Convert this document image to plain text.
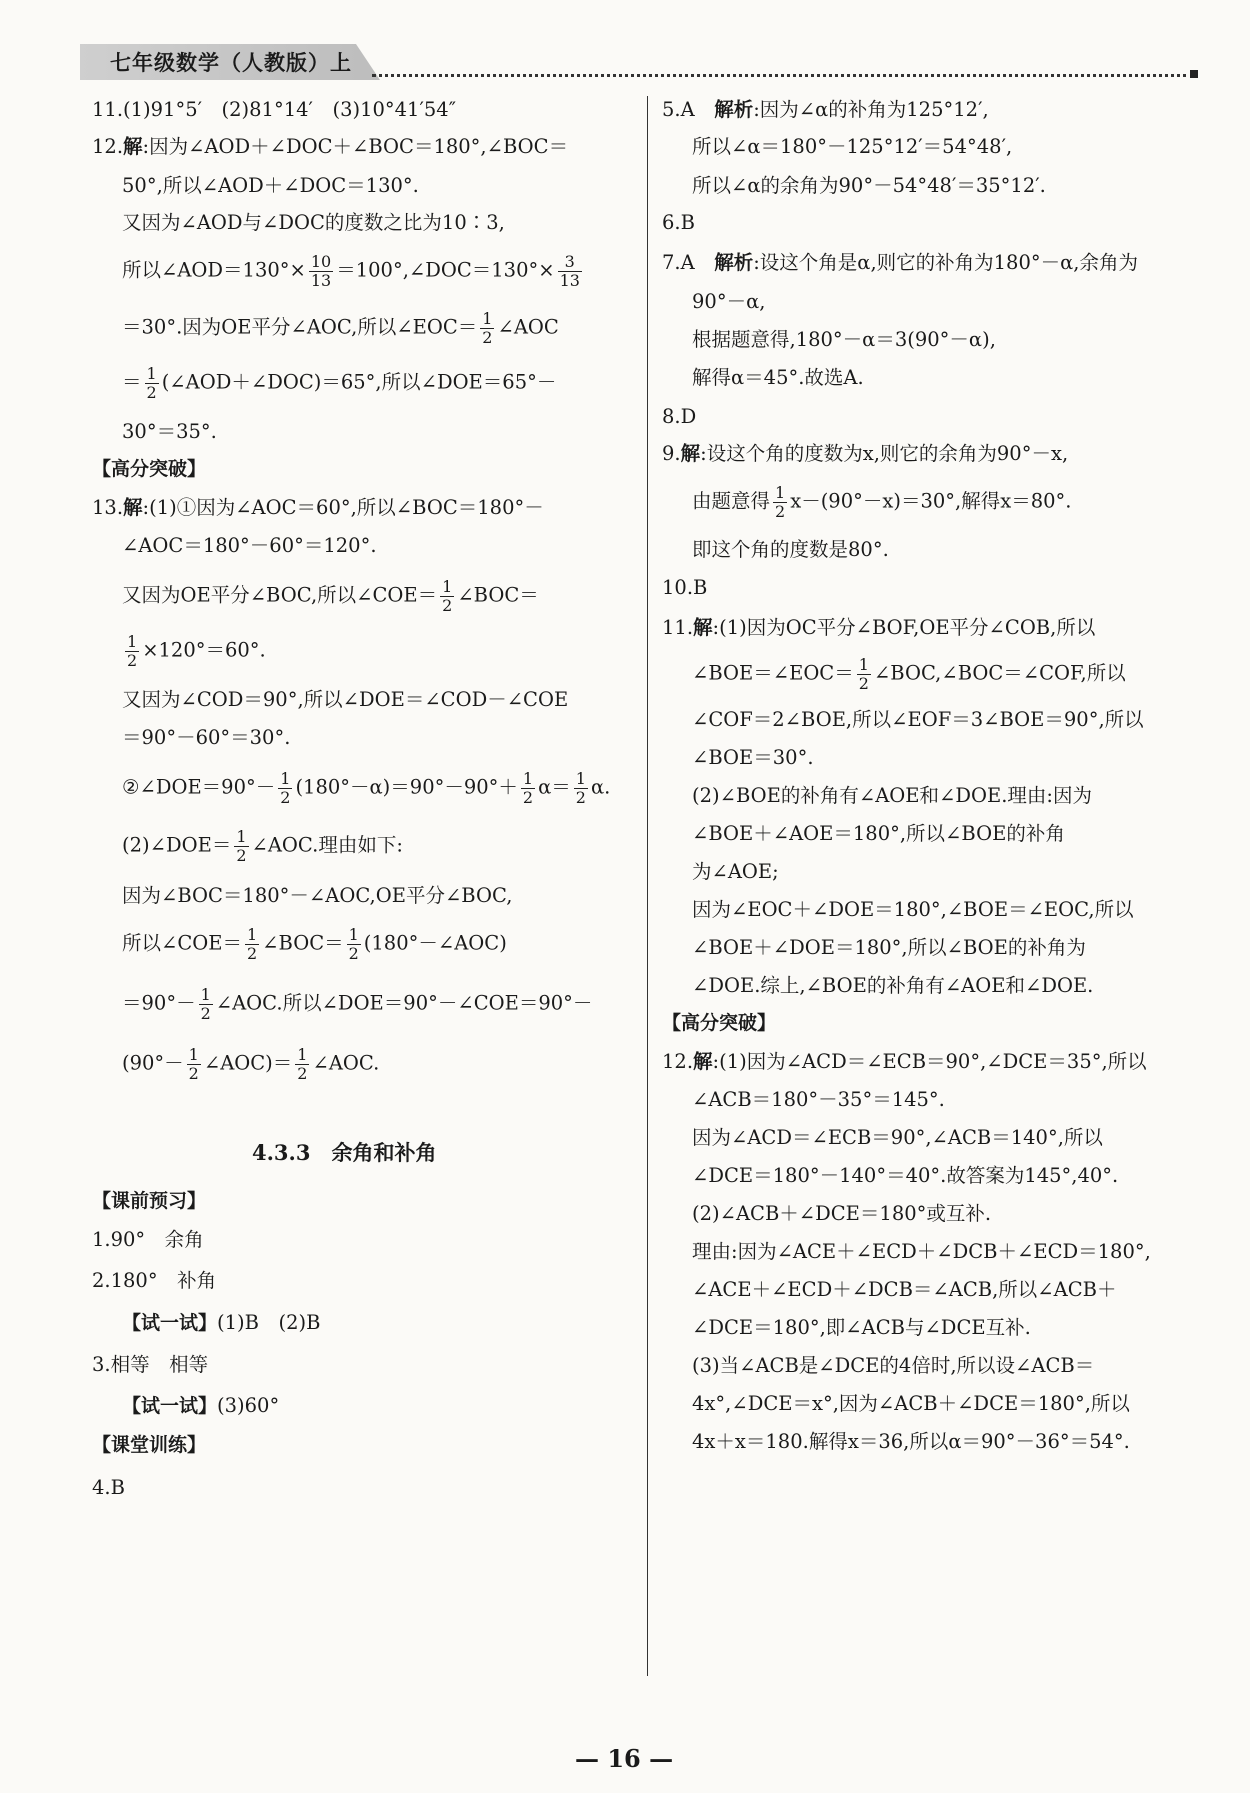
七年级数学（人教版）上
11.(1)91°5′　(2)81°14′　(3)10°41′54″
12.解:因为∠AOD＋∠DOC＋∠BOC＝180°,∠BOC＝
50°,所以∠AOD＋∠DOC＝130°.
又因为∠AOD与∠DOC的度数之比为10∶3,
所以∠AOD＝130°× $\frac{10}{13}$ ＝100°,∠DOC＝130°× $\frac{3}{13}$
＝30°.因为OE平分∠AOC,所以∠EOC＝ $\frac{1}{2}$ ∠AOC
＝ $\frac{1}{2}$ (∠AOD＋∠DOC)＝65°,所以∠DOE＝65°－
30°＝35°.
【高分突破】
13.解:(1)①因为∠AOC＝60°,所以∠BOC＝180°－
∠AOC＝180°－60°＝120°.
又因为OE平分∠BOC,所以∠COE＝ $\frac{1}{2}$ ∠BOC＝
$\frac{1}{2} \times 120^\circ=60^\circ$.
又因为∠COD＝90°,所以∠DOE＝∠COD－∠COE
＝90°－60°＝30°.
②∠DOE＝90°－ $\frac{1}{2} (180^\circ-\alpha)=90^\circ-90^\circ+ \frac{1}{2} \alpha= \frac{1}{2} \alpha$.
(2)∠DOE＝ $\frac{1}{2}$ ∠AOC.理由如下:
因为∠BOC＝180°－∠AOC,OE平分∠BOC,
所以∠COE＝ $\frac{1}{2}$ ∠BOC＝ $\frac{1}{2}$ (180°－∠AOC)
$=90^\circ- \frac{1}{2}$ ∠AOC.所以∠DOE＝90°－∠COE＝90°－
($90^\circ- \frac{1}{2}$ ∠AOC)＝ $\frac{1}{2}$ ∠AOC.
4.3.3　余角和补角
【课前预习】
1.90°　余角
2.180°　补角
【试一试】(1)B　(2)B
3.相等　相等
【试一试】(3)60°
【课堂训练】
4.B
5.A　解析:因为∠α的补角为125°12′,
所以∠α＝180°－125°12′＝54°48′,
所以∠α的余角为90°－54°48′＝35°12′.
6.B
7.A　解析:设这个角是α,则它的补角为180°－α,余角为
90°－α,
根据题意得,180°－α＝3(90°－α),
解得α＝45°.故选A.
8.D
9.解:设这个角的度数为x,则它的余角为90°－x,
由题意得 $\frac{1}{2} x-(90^\circ-x)=30^\circ$,解得x＝80°.
即这个角的度数是80°.
10.B
11.解:(1)因为OC平分∠BOF,OE平分∠COB,所以
∠BOE＝∠EOC＝ $\frac{1}{2}$ ∠BOC,∠BOC＝∠COF,所以
∠COF＝2∠BOE,所以∠EOF＝3∠BOE＝90°,所以
∠BOE＝30°.
(2)∠BOE的补角有∠AOE和∠DOE.理由:因为
∠BOE＋∠AOE＝180°,所以∠BOE的补角
为∠AOE;
因为∠EOC＋∠DOE＝180°,∠BOE＝∠EOC,所以
∠BOE＋∠DOE＝180°,所以∠BOE的补角为
∠DOE.综上,∠BOE的补角有∠AOE和∠DOE.
【高分突破】
12.解:(1)因为∠ACD＝∠ECB＝90°,∠DCE＝35°,所以
∠ACB＝180°－35°＝145°.
因为∠ACD＝∠ECB＝90°,∠ACB＝140°,所以
∠DCE＝180°－140°＝40°.故答案为145°,40°.
(2)∠ACB＋∠DCE＝180°或互补.
理由:因为∠ACE＋∠ECD＋∠DCB＋∠ECD＝180°,
∠ACE＋∠ECD＋∠DCB＝∠ACB,所以∠ACB＋
∠DCE＝180°,即∠ACB与∠DCE互补.
(3)当∠ACB是∠DCE的4倍时,所以设∠ACB＝
4x°,∠DCE＝x°,因为∠ACB＋∠DCE＝180°,所以
4x＋x＝180.解得x＝36,所以α＝90°－36°＝54°.
— 16 —
